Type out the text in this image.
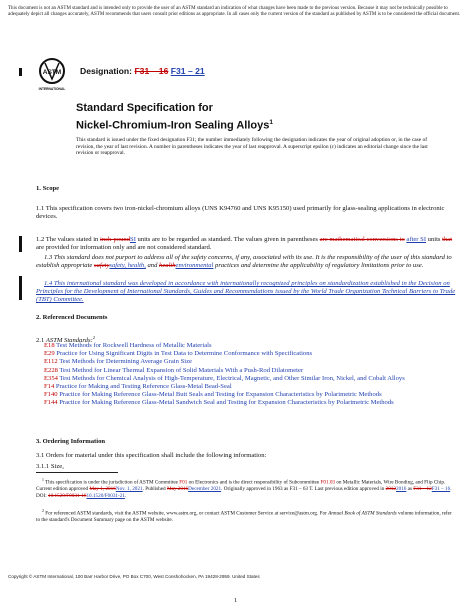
This document is not an ASTM standard and is intended only to provide the user of an ASTM standard an indication of what changes have been made to the previous version. Because it may not be technically possible to adequately depict all changes accurately, ASTM recommends that users consult prior editions as appropriate. In all cases only the current version of the standard as published by ASTM is to be considered the official document.
ASTM
INTERNATIONAL
Designation: F31 – 16 F31 – 21
Standard Specification for
Nickel-Chromium-Iron Sealing Alloys$^1$
This standard is issued under the fixed designation F31; the number immediately following the designation indicates the year of original adoption or, in the case of revision, the year of last revision. A number in parentheses indicates the year of last reapproval. A superscript epsilon (ε) indicates an editorial change since the last revision or reapproval.
1. Scope
1.1 This specification covers two iron-nickel-chromium alloys (UNS K94760 and UNS K95150) used primarily for glass-sealing applications in electronic devices.
1.2 The values stated in inch-poundSI units are to be regarded as standard. The values given in parentheses are mathematical conversions to after SI units that are provided for information only and are not considered standard.
1.3 This standard does not purport to address all of the safety concerns, if any, associated with its use. It is the responsibility of the user of this standard to establish appropriate safetysafety, health, and healthenvironmental practices and determine the applicability of regulatory limitations prior to use.
1.4 This international standard was developed in accordance with internationally recognized principles on standardization established in the Decision on Principles for the Development of International Standards, Guides and Recommendations issued by the World Trade Organization Technical Barriers to Trade (TBT) Committee.
2. Referenced Documents
2.1 ASTM Standards:$^2$
E18 Test Methods for Rockwell Hardness of Metallic Materials
E29 Practice for Using Significant Digits in Test Data to Determine Conformance with Specifications
E112 Test Methods for Determining Average Grain Size
E228 Test Method for Linear Thermal Expansion of Solid Materials With a Push-Rod Dilatometer
E354 Test Methods for Chemical Analysis of High-Temperature, Electrical, Magnetic, and Other Similar Iron, Nickel, and Cobalt Alloys
F14 Practice for Making and Testing Reference Glass-Metal Bead-Seal
F140 Practice for Making Reference Glass-Metal Butt Seals and Testing for Expansion Characteristics by Polarimetric Methods
F144 Practice for Making Reference Glass-Metal Sandwich Seal and Testing for Expansion Characteristics by Polarimetric Methods
3. Ordering Information
3.1 Orders for material under this specification shall include the following information:
3.1.1 Size,
$^1$ This specification is under the jurisdiction of ASTM Committee F01 on Electronics and is the direct responsibility of Subcommittee F01.03 on Metallic Materials, Wire Bonding, and Flip Chip.
Current edition approved May 1, 2016Nov. 1, 2021. Published May 2016December 2021. Originally approved in 1963 as F31 – 63 T. Last previous edition approved in 20122016 as F31 – 12F31 – 16. DOI: 10.1520/F0031-1610.1520/F0031-21.
$^2$ For referenced ASTM standards, visit the ASTM website, www.astm.org, or contact ASTM Customer Service at service@astm.org. For Annual Book of ASTM Standards volume information, refer to the standard's Document Summary page on the ASTM website.
Copyright © ASTM International, 100 Barr Harbor Drive, PO Box C700, West Conshohocken, PA 19428-2959. United States
1
